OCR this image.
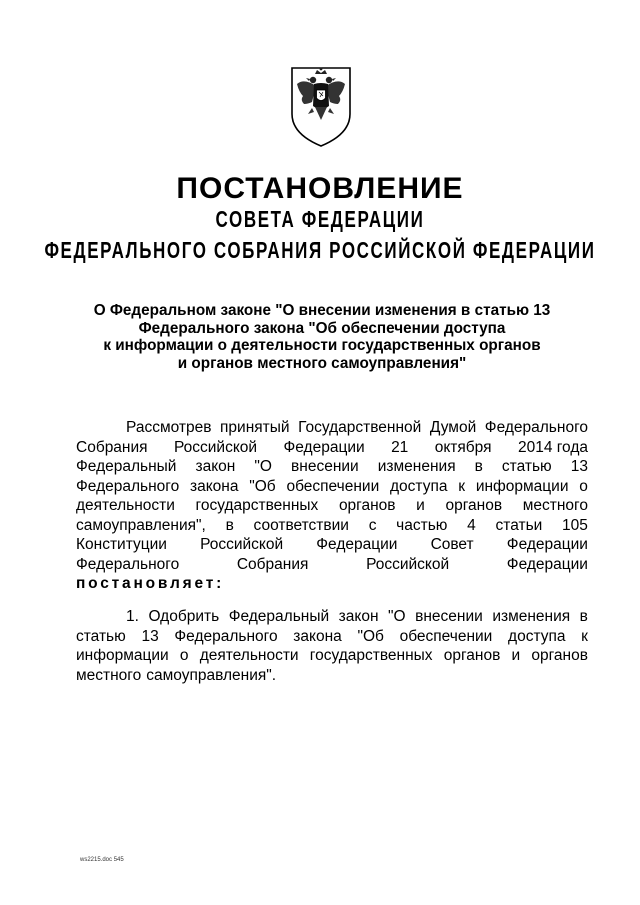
ПОСТАНОВЛЕНИЕ
СОВЕТА ФЕДЕРАЦИИ
ФЕДЕРАЛЬНОГО СОБРАНИЯ РОССИЙСКОЙ ФЕДЕРАЦИИ
О Федеральном законе "О внесении изменения в статью 13
Федерального закона "Об обеспечении доступа
к информации о деятельности государственных органов
и органов местного самоуправления"
Рассмотрев принятый Государственной Думой Федерального
Собрания Российской Федерации 21 октября 2014 года
Федеральный закон "О внесении изменения в статью 13
Федерального закона "Об обеспечении доступа к информации о
деятельности государственных органов и органов местного
самоуправления", в соответствии с частью 4 статьи 105
Конституции Российской Федерации Совет Федерации
Федерального	Собрания	Российской	Федерации
постановляет:
1. Одобрить Федеральный закон "О внесении изменения в
статью 13 Федерального закона "Об обеспечении доступа к
информации о деятельности государственных органов и органов
местного самоуправления".
ws2215.doc 545
